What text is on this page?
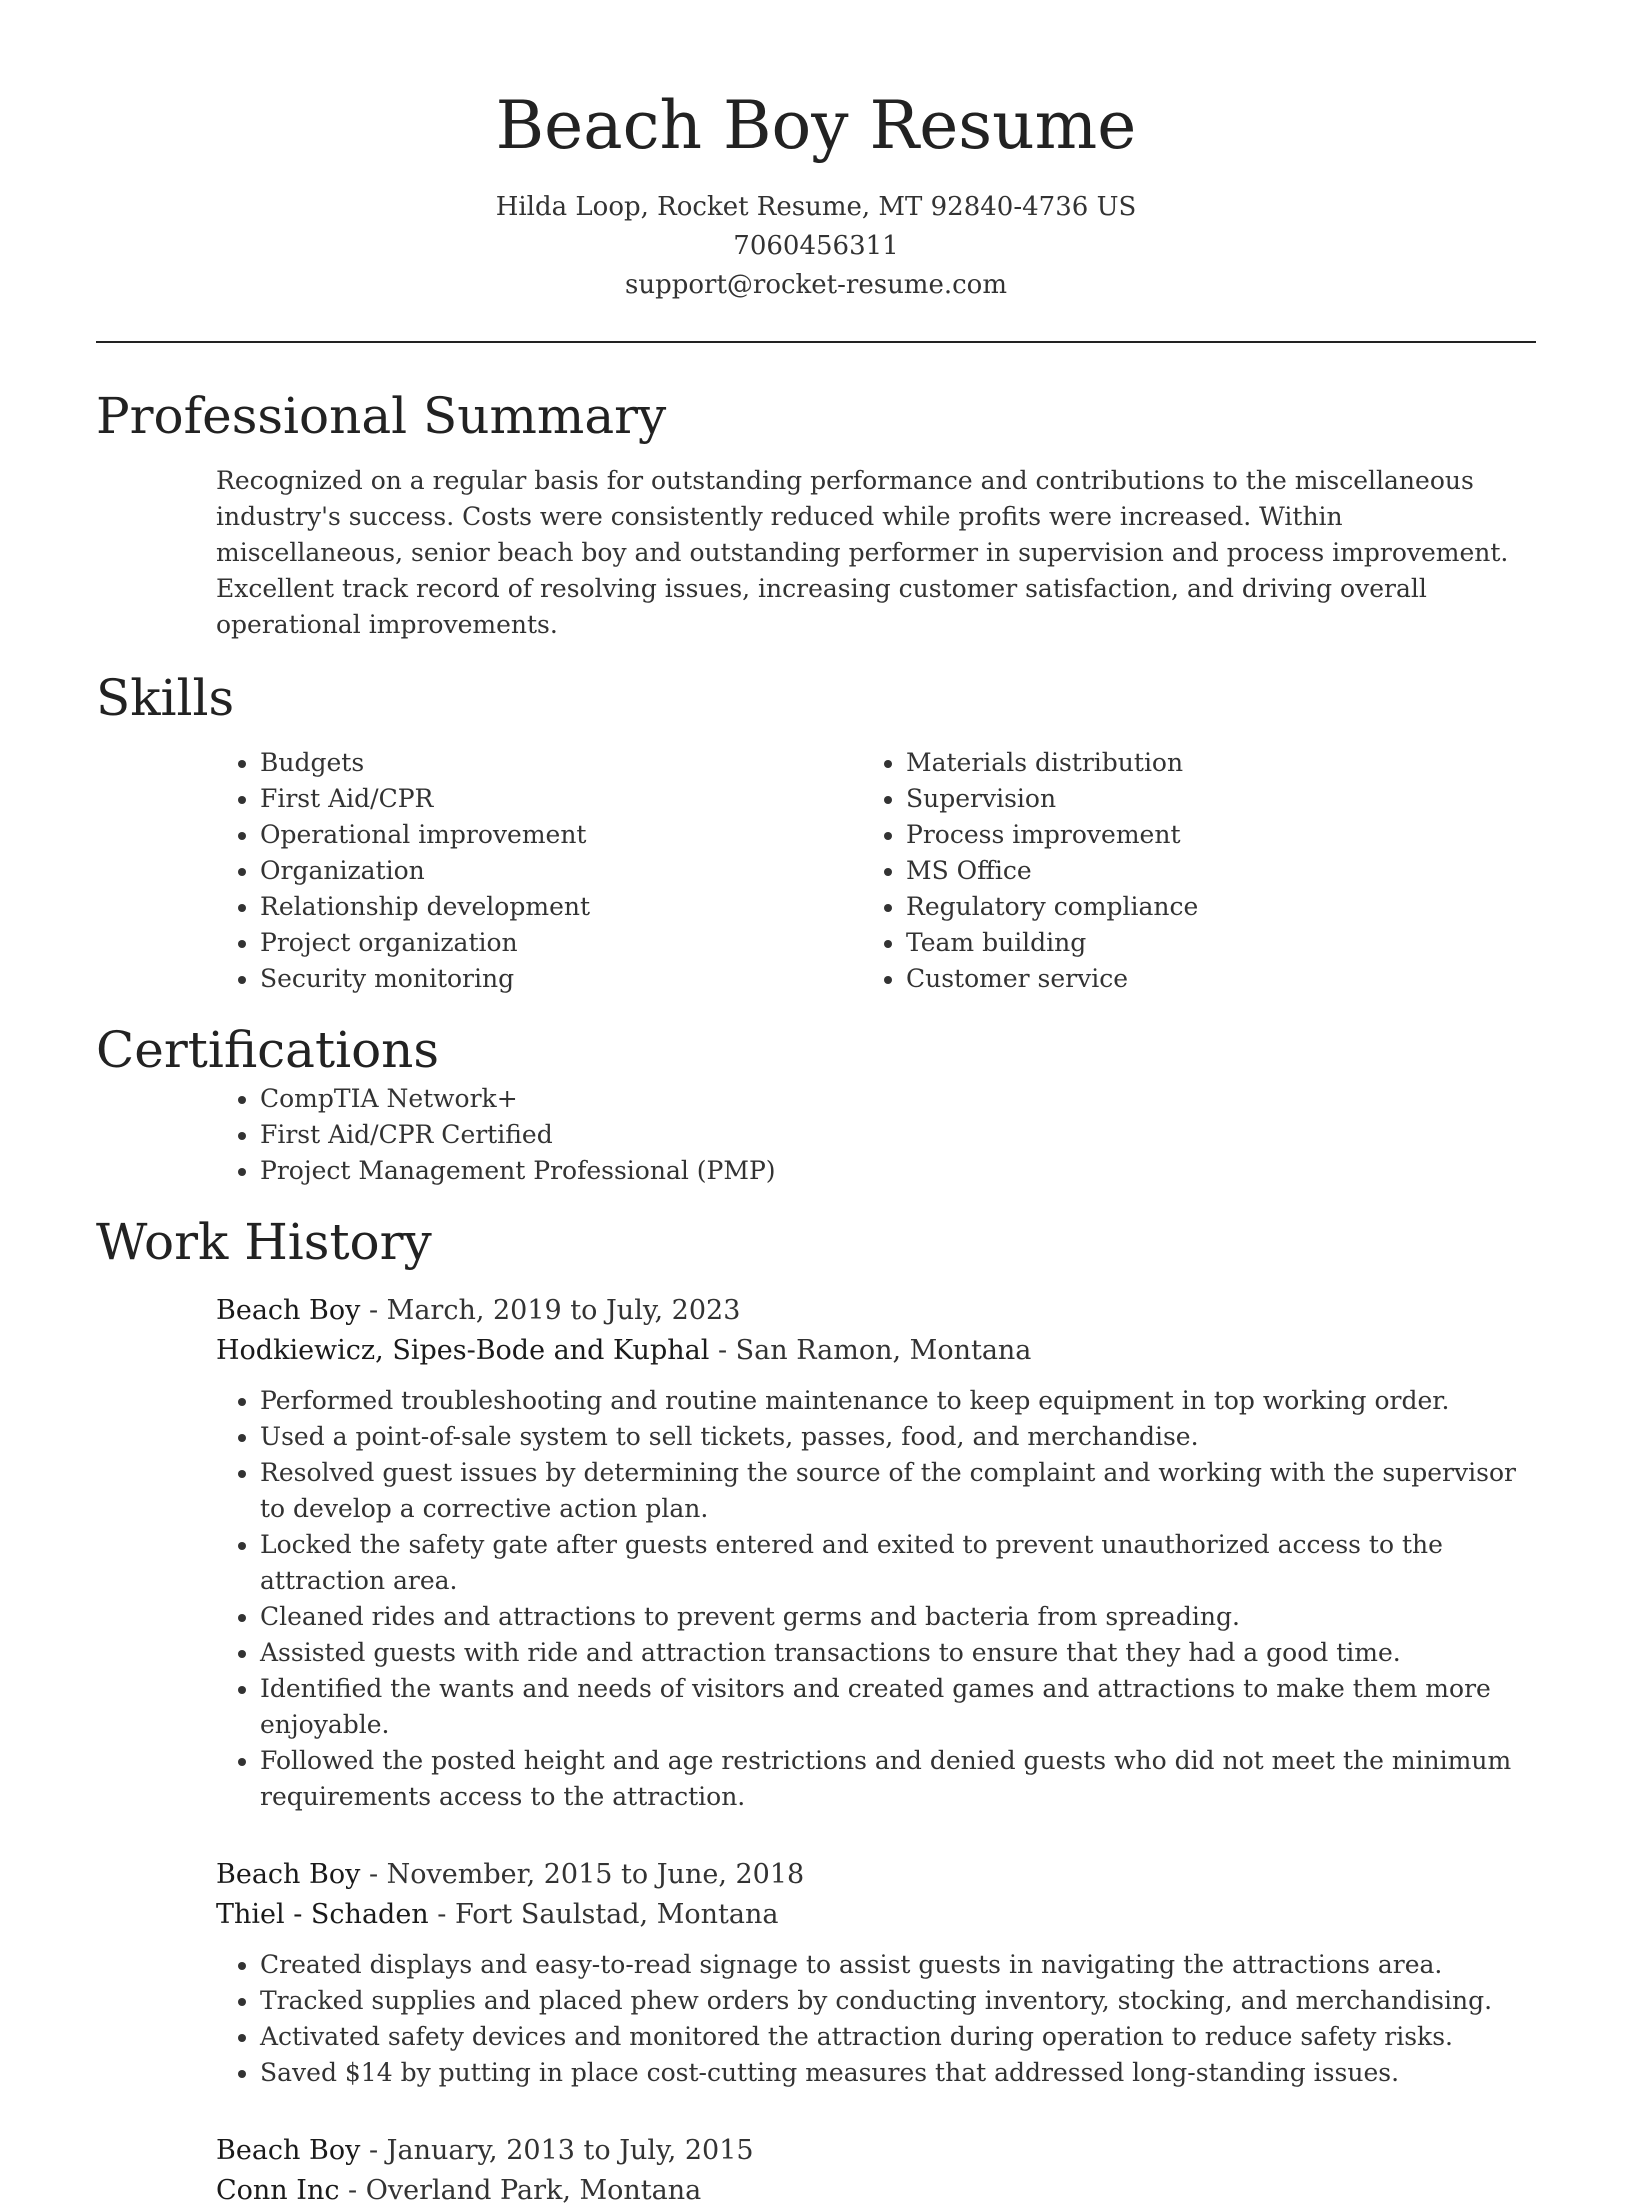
Beach Boy Resume
Hilda Loop, Rocket Resume, MT 92840-4736 US
7060456311
support@rocket-resume.com
Professional Summary
Recognized on a regular basis for outstanding performance and contributions to the miscellaneous industry's success. Costs were consistently reduced while profits were increased. Within miscellaneous, senior beach boy and outstanding performer in supervision and process improvement. Excellent track record of resolving issues, increasing customer satisfaction, and driving overall operational improvements.
Skills
• Budgets
• First Aid/CPR
• Operational improvement
• Organization
• Relationship development
• Project organization
• Security monitoring
• Materials distribution
• Supervision
• Process improvement
• MS Office
• Regulatory compliance
• Team building
• Customer service
Certifications
• CompTIA Network+
• First Aid/CPR Certified
• Project Management Professional (PMP)
Work History
Beach Boy - March, 2019 to July, 2023
Hodkiewicz, Sipes-Bode and Kuphal - San Ramon, Montana
• Performed troubleshooting and routine maintenance to keep equipment in top working order.
• Used a point-of-sale system to sell tickets, passes, food, and merchandise.
• Resolved guest issues by determining the source of the complaint and working with the supervisor to develop a corrective action plan.
• Locked the safety gate after guests entered and exited to prevent unauthorized access to the attraction area.
• Cleaned rides and attractions to prevent germs and bacteria from spreading.
• Assisted guests with ride and attraction transactions to ensure that they had a good time.
• Identified the wants and needs of visitors and created games and attractions to make them more enjoyable.
• Followed the posted height and age restrictions and denied guests who did not meet the minimum requirements access to the attraction.
Beach Boy - November, 2015 to June, 2018
Thiel - Schaden - Fort Saulstad, Montana
• Created displays and easy-to-read signage to assist guests in navigating the attractions area.
• Tracked supplies and placed phew orders by conducting inventory, stocking, and merchandising.
• Activated safety devices and monitored the attraction during operation to reduce safety risks.
• Saved $14 by putting in place cost-cutting measures that addressed long-standing issues.
Beach Boy - January, 2013 to July, 2015
Conn Inc - Overland Park, Montana
